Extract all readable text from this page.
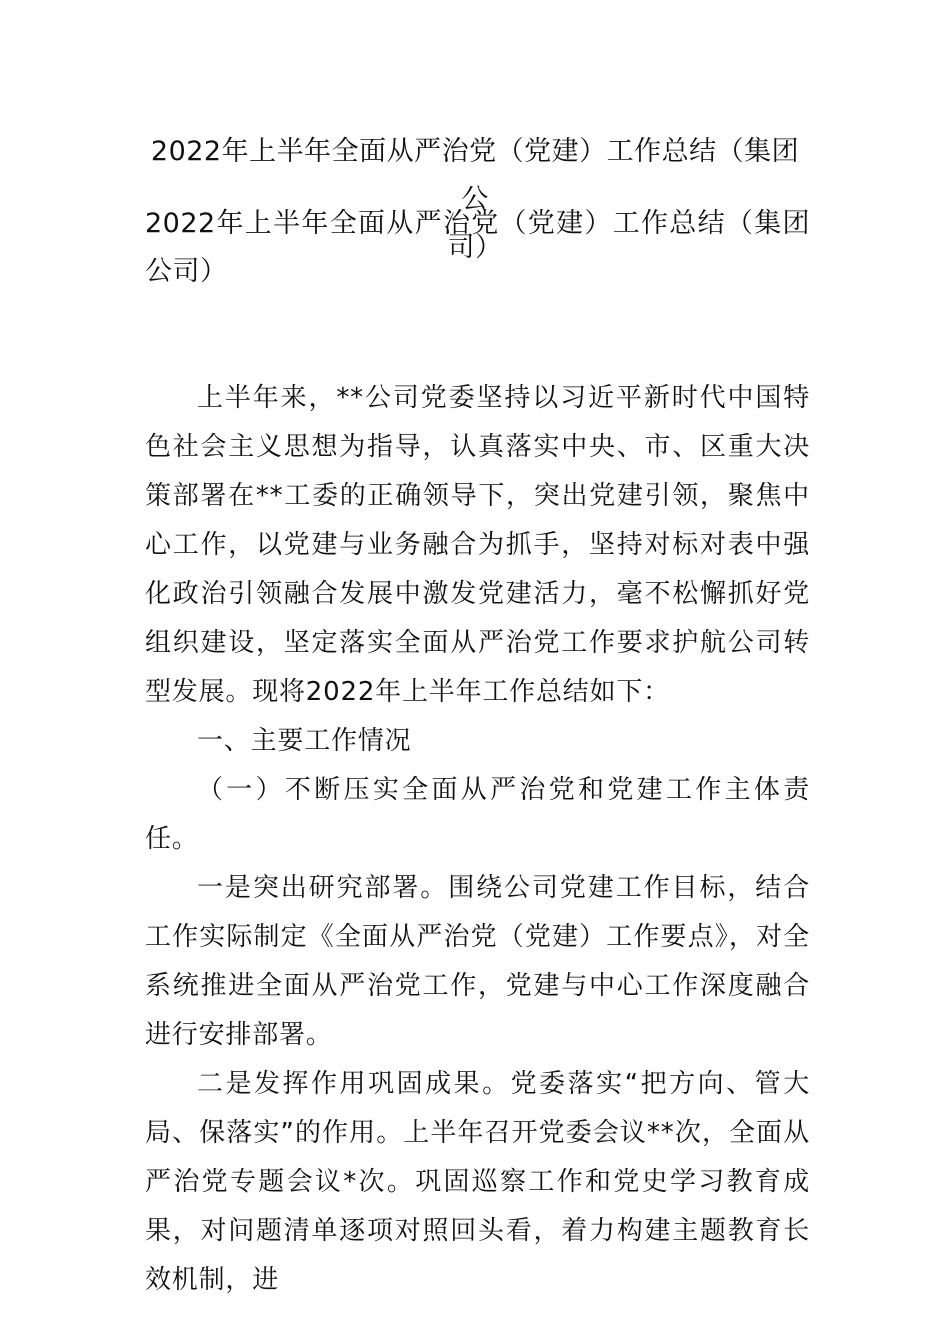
2022年上半年全面从严治党（党建）工作总结（集团公
司）
2022年上半年全面从严治党（党建）工作总结（集团公司）

上半年来，**公司党委坚持以习近平新时代中国特色社会主义思想为指导，认真落实中央、市、区重大决策部署在**工委的正确领导下，突出党建引领，聚焦中心工作，以党建与业务融合为抓手，坚持对标对表中强化政治引领融合发展中激发党建活力，毫不松懈抓好党组织建设，坚定落实全面从严治党工作要求护航公司转型发展。现将2022年上半年工作总结如下：

一、主要工作情况

（一）不断压实全面从严治党和党建工作主体责任。

一是突出研究部署。围绕公司党建工作目标，结合工作实际制定《全面从严治党（党建）工作要点》，对全系统推进全面从严治党工作，党建与中心工作深度融合进行安排部署。

二是发挥作用巩固成果。党委落实“把方向、管大局、保落实”的作用。上半年召开党委会议**次，全面从严治党专题会议*次。巩固巡察工作和党史学习教育成果，对问题清单逐项对照回头看，着力构建主题教育长效机制，进
